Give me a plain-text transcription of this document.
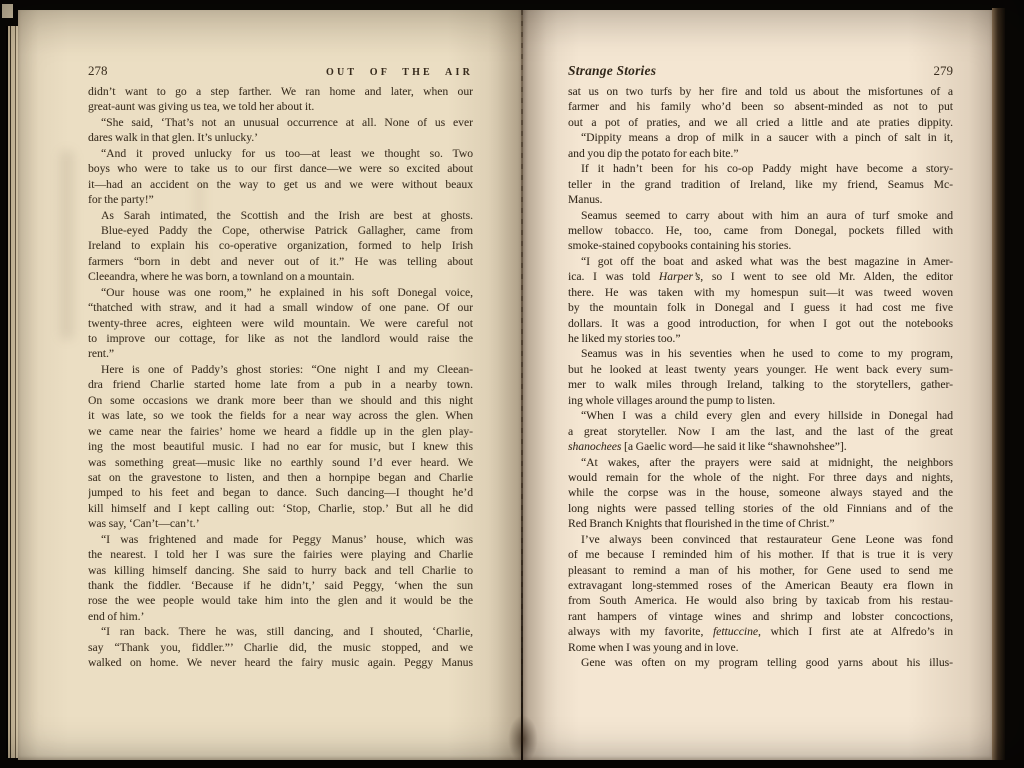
278	OUT OF THE AIR
didn’t want to go a step farther. We ran home and later, when our
great-aunt was giving us tea, we told her about it.
“She said, ‘That’s not an unusual occurrence at all. None of us ever
dares walk in that glen. It’s unlucky.’
“And it proved unlucky for us too—at least we thought so. Two
boys who were to take us to our first dance—we were so excited about
it—had an accident on the way to get us and we were without beaux
for the party!”
As Sarah intimated, the Scottish and the Irish are best at ghosts.
Blue-eyed Paddy the Cope, otherwise Patrick Gallagher, came from
Ireland to explain his co-operative organization, formed to help Irish
farmers “born in debt and never out of it.” He was telling about
Cleeandra, where he was born, a townland on a mountain.
“Our house was one room,” he explained in his soft Donegal voice,
“thatched with straw, and it had a small window of one pane. Of our
twenty-three acres, eighteen were wild mountain. We were careful not
to improve our cottage, for like as not the landlord would raise the
rent.”
Here is one of Paddy’s ghost stories: “One night I and my Cleean-
dra friend Charlie started home late from a pub in a nearby town.
On some occasions we drank more beer than we should and this night
it was late, so we took the fields for a near way across the glen. When
we came near the fairies’ home we heard a fiddle up in the glen play-
ing the most beautiful music. I had no ear for music, but I knew this
was something great—music like no earthly sound I’d ever heard. We
sat on the gravestone to listen, and then a hornpipe began and Charlie
jumped to his feet and began to dance. Such dancing—I thought he’d
kill himself and I kept calling out: ‘Stop, Charlie, stop.’ But all he did
was say, ‘Can’t—can’t.’
“I was frightened and made for Peggy Manus’ house, which was
the nearest. I told her I was sure the fairies were playing and Charlie
was killing himself dancing. She said to hurry back and tell Charlie to
thank the fiddler. ‘Because if he didn’t,’ said Peggy, ‘when the sun
rose the wee people would take him into the glen and it would be the
end of him.’
“I ran back. There he was, still dancing, and I shouted, ‘Charlie,
say “Thank you, fiddler.”’ Charlie did, the music stopped, and we
walked on home. We never heard the fairy music again. Peggy Manus
Strange Stories	279
sat us on two turfs by her fire and told us about the misfortunes of a
farmer and his family who’d been so absent-minded as not to put
out a pot of praties, and we all cried a little and ate praties dippity.
“Dippity means a drop of milk in a saucer with a pinch of salt in it,
and you dip the potato for each bite.”
If it hadn’t been for his co-op Paddy might have become a story-
teller in the grand tradition of Ireland, like my friend, Seamus Mc-
Manus.
Seamus seemed to carry about with him an aura of turf smoke and
mellow tobacco. He, too, came from Donegal, pockets filled with
smoke-stained copybooks containing his stories.
“I got off the boat and asked what was the best magazine in Amer-
ica. I was told Harper’s, so I went to see old Mr. Alden, the editor
there. He was taken with my homespun suit—it was tweed woven
by the mountain folk in Donegal and I guess it had cost me five
dollars. It was a good introduction, for when I got out the notebooks
he liked my stories too.”
Seamus was in his seventies when he used to come to my program,
but he looked at least twenty years younger. He went back every sum-
mer to walk miles through Ireland, talking to the storytellers, gather-
ing whole villages around the pump to listen.
“When I was a child every glen and every hillside in Donegal had
a great storyteller. Now I am the last, and the last of the great
shanochees [a Gaelic word—he said it like “shawnohshee”].
“At wakes, after the prayers were said at midnight, the neighbors
would remain for the whole of the night. For three days and nights,
while the corpse was in the house, someone always stayed and the
long nights were passed telling stories of the old Finnians and of the
Red Branch Knights that flourished in the time of Christ.”
I’ve always been convinced that restaurateur Gene Leone was fond
of me because I reminded him of his mother. If that is true it is very
pleasant to remind a man of his mother, for Gene used to send me
extravagant long-stemmed roses of the American Beauty era flown in
from South America. He would also bring by taxicab from his restau-
rant hampers of vintage wines and shrimp and lobster concoctions,
always with my favorite, fettuccine, which I first ate at Alfredo’s in
Rome when I was young and in love.
Gene was often on my program telling good yarns about his illus-
